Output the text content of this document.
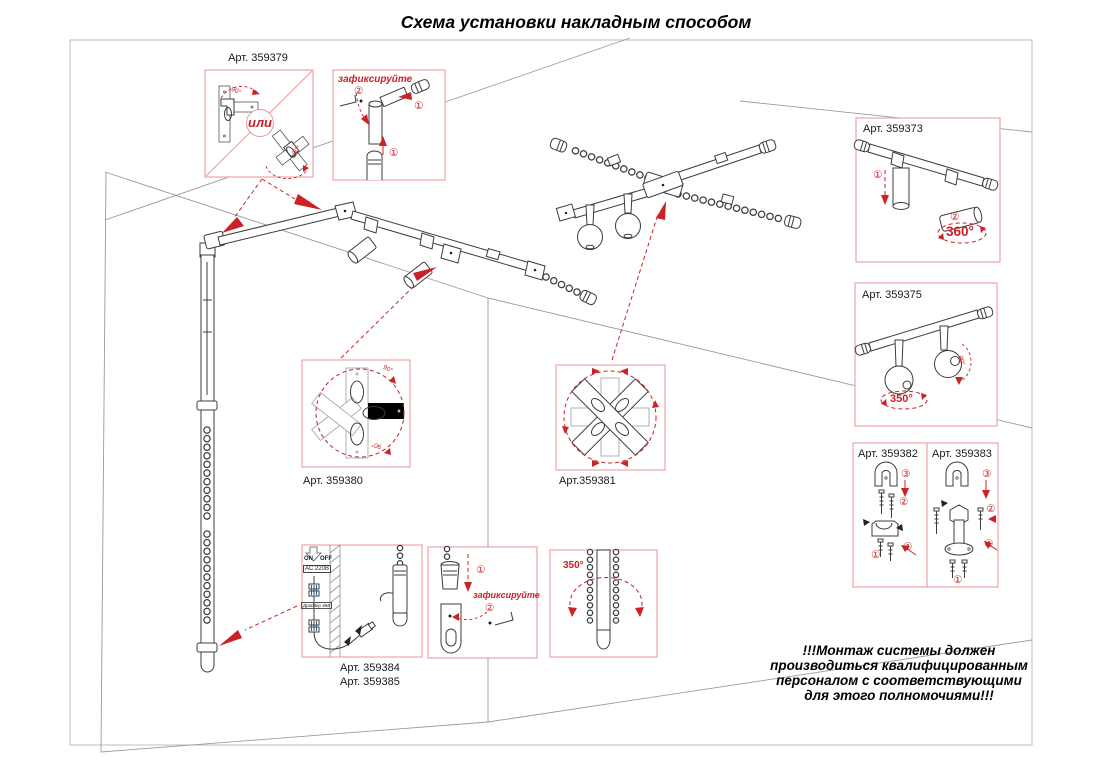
Схема установки накладным способом
Арт. 359379
зафиксируйте
или
90°
90°
②
①
①
Арт. 359373
①
②
360°
Арт. 359375
350°
90°
Арт. 359382
③
②
④
①
Арт. 359383
③
②
④
①
Арт. 359380
90°
90°
Арт.359381
ON OFF
AC 220В
Драйвер 48В
Арт. 359384
Арт. 359385
①
зафиксируйте
②
350°
!!!Монтаж системы должен
производиться квалифицированным
персоналом с соответствующими
для этого полномочиями!!!
